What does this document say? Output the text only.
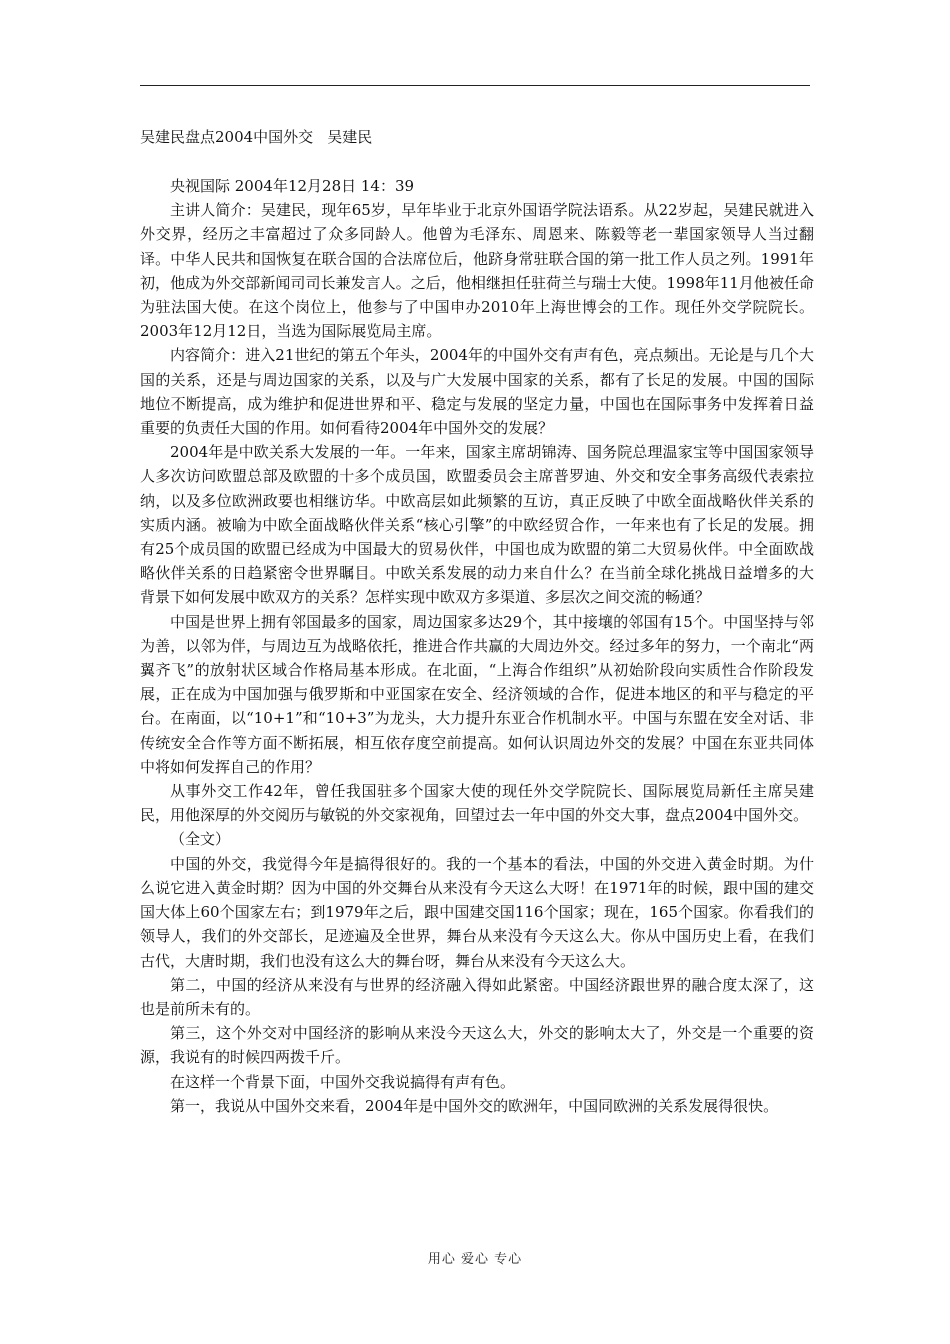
吴建民盘点2004中国外交 吴建民

央视国际 2004年12月28日 14：39

主讲人简介：吴建民，现年65岁，早年毕业于北京外国语学院法语系。从22岁起，吴建民就进入外交界，经历之丰富超过了众多同龄人。他曾为毛泽东、周恩来、陈毅等老一辈国家领导人当过翻译。中华人民共和国恢复在联合国的合法席位后，他跻身常驻联合国的第一批工作人员之列。1991年初，他成为外交部新闻司司长兼发言人。之后，他相继担任驻荷兰与瑞士大使。1998年11月他被任命为驻法国大使。在这个岗位上，他参与了中国申办2010年上海世博会的工作。现任外交学院院长。2003年12月12日，当选为国际展览局主席。

内容简介：进入21世纪的第五个年头，2004年的中国外交有声有色，亮点频出。无论是与几个大国的关系，还是与周边国家的关系，以及与广大发展中国家的关系，都有了长足的发展。中国的国际地位不断提高，成为维护和促进世界和平、稳定与发展的坚定力量，中国也在国际事务中发挥着日益重要的负责任大国的作用。如何看待2004年中国外交的发展？

2004年是中欧关系大发展的一年。一年来，国家主席胡锦涛、国务院总理温家宝等中国国家领导人多次访问欧盟总部及欧盟的十多个成员国，欧盟委员会主席普罗迪、外交和安全事务高级代表索拉纳，以及多位欧洲政要也相继访华。中欧高层如此频繁的互访，真正反映了中欧全面战略伙伴关系的实质内涵。被喻为中欧全面战略伙伴关系“核心引擎”的中欧经贸合作，一年来也有了长足的发展。拥有25个成员国的欧盟已经成为中国最大的贸易伙伴，中国也成为欧盟的第二大贸易伙伴。中全面欧战略伙伴关系的日趋紧密令世界瞩目。中欧关系发展的动力来自什么？在当前全球化挑战日益增多的大背景下如何发展中欧双方的关系？怎样实现中欧双方多渠道、多层次之间交流的畅通？

中国是世界上拥有邻国最多的国家，周边国家多达29个，其中接壤的邻国有15个。中国坚持与邻为善，以邻为伴，与周边互为战略依托，推进合作共赢的大周边外交。经过多年的努力，一个南北“两翼齐飞”的放射状区域合作格局基本形成。在北面，“上海合作组织”从初始阶段向实质性合作阶段发展，正在成为中国加强与俄罗斯和中亚国家在安全、经济领域的合作，促进本地区的和平与稳定的平台。在南面，以“10+1”和“10+3”为龙头，大力提升东亚合作机制水平。中国与东盟在安全对话、非传统安全合作等方面不断拓展，相互依存度空前提高。如何认识周边外交的发展？中国在东亚共同体中将如何发挥自己的作用？

从事外交工作42年，曾任我国驻多个国家大使的现任外交学院院长、国际展览局新任主席吴建民，用他深厚的外交阅历与敏锐的外交家视角，回望过去一年中国的外交大事，盘点2004中国外交。

（全文）

中国的外交，我觉得今年是搞得很好的。我的一个基本的看法，中国的外交进入黄金时期。为什么说它进入黄金时期？因为中国的外交舞台从来没有今天这么大呀！在1971年的时候，跟中国的建交国大体上60个国家左右；到1979年之后，跟中国建交国116个国家；现在，165个国家。你看我们的领导人，我们的外交部长，足迹遍及全世界，舞台从来没有今天这么大。你从中国历史上看，在我们古代，大唐时期，我们也没有这么大的舞台呀，舞台从来没有今天这么大。

第二，中国的经济从来没有与世界的经济融入得如此紧密。中国经济跟世界的融合度太深了，这也是前所未有的。

第三，这个外交对中国经济的影响从来没今天这么大，外交的影响太大了，外交是一个重要的资源，我说有的时候四两拨千斤。

在这样一个背景下面，中国外交我说搞得有声有色。

第一，我说从中国外交来看，2004年是中国外交的欧洲年，中国同欧洲的关系发展得很快。

用心 爱心 专心
